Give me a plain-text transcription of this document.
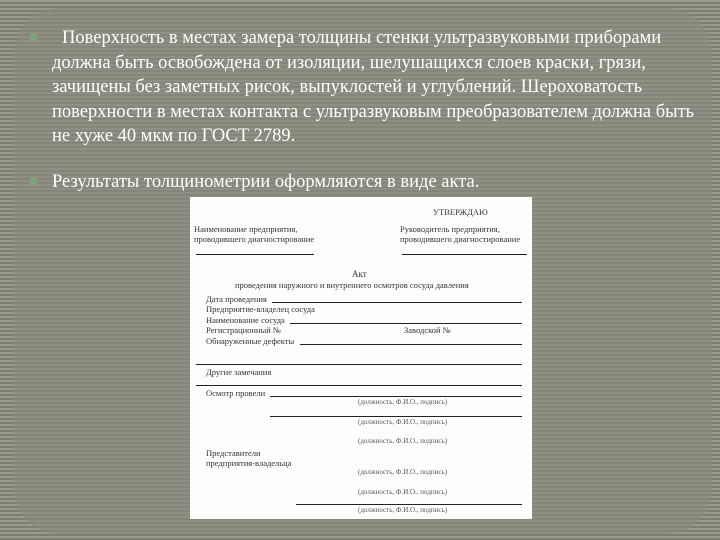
Поверхность в местах замера толщины стенки ультразвуковыми приборами должна быть освобождена от изоляции, шелушащихся слоев краски, грязи, зачищены без заметных рисок, выпуклостей и углублений. Шероховатость поверхности в местах контакта с ультразвуковым преобразователем должна быть не хуже 40 мкм по ГОСТ 2789.
Результаты толщинометрии оформляются в виде акта.
УТВЕРЖДАЮ
Наименование предприятия,
проводившего диагностирование
Руководитель предприятия,
проводившего диагностирование
Акт
проведения наружного и внутреннего осмотров сосуда давления
Дата проведения
Предприятие-владелец сосуда
Наименование сосуда
Регистрационный №	Заводской №
Обнаруженные дефекты
Другие замечания
Осмотр провели
(должность, Ф.И.О., подпись)
(должность, Ф.И.О., подпись)
(должность, Ф.И.О., подпись)
Представители
предприятия-владельца
(должность, Ф.И.О., подпись)
(должность, Ф.И.О., подпись)
(должность, Ф.И.О., подпись)
